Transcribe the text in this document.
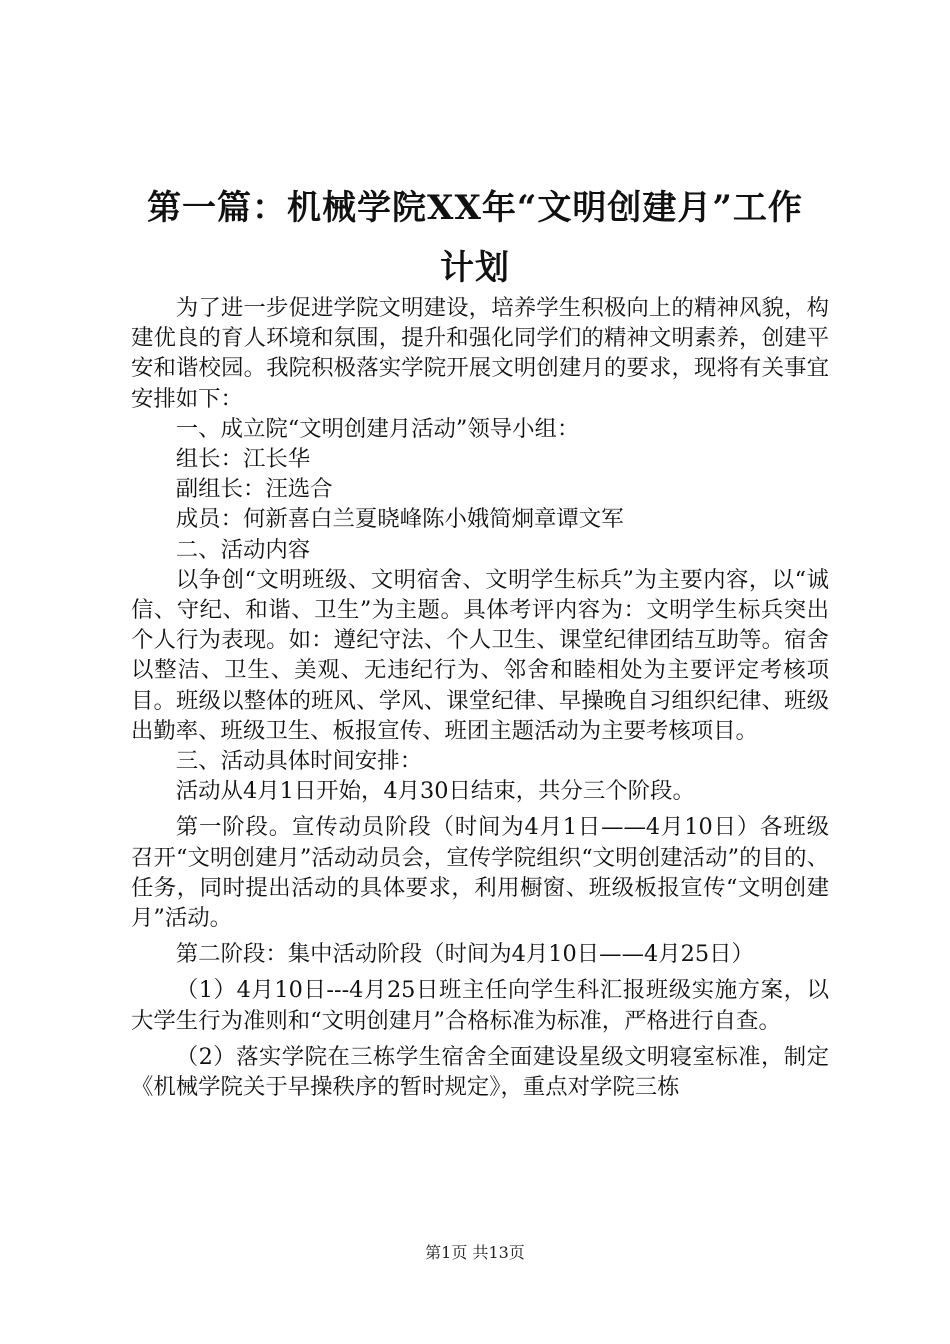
第一篇：机械学院XX年“文明创建月”工作
计划

为了进一步促进学院文明建设，培养学生积极向上的精神风貌，构建优良的育人环境和氛围，提升和强化同学们的精神文明素养，创建平安和谐校园。我院积极落实学院开展文明创建月的要求，现将有关事宜安排如下：

一、成立院“文明创建月活动”领导小组：

组长：江长华

副组长：汪选合

成员：何新喜白兰夏晓峰陈小娥简炯章谭文军

二、活动内容

以争创“文明班级、文明宿舍、文明学生标兵”为主要内容，以“诚信、守纪、和谐、卫生”为主题。具体考评内容为：文明学生标兵突出个人行为表现。如：遵纪守法、个人卫生、课堂纪律团结互助等。宿舍以整洁、卫生、美观、无违纪行为、邻舍和睦相处为主要评定考核项目。班级以整体的班风、学风、课堂纪律、早操晚自习组织纪律、班级出勤率、班级卫生、板报宣传、班团主题活动为主要考核项目。

三、活动具体时间安排：

活动从4月1日开始，4月30日结束，共分三个阶段。

第一阶段。宣传动员阶段（时间为4月1日——4月10日）各班级召开“文明创建月”活动动员会，宣传学院组织“文明创建活动”的目的、任务，同时提出活动的具体要求，利用橱窗、班级板报宣传“文明创建月”活动。

第二阶段：集中活动阶段（时间为4月10日——4月25日）

（1）4月10日---4月25日班主任向学生科汇报班级实施方案，以大学生行为准则和“文明创建月”合格标准为标准，严格进行自查。

（2）落实学院在三栋学生宿舍全面建设星级文明寝室标准，制定《机械学院关于早操秩序的暂时规定》，重点对学院三栋

第1页 共13页
